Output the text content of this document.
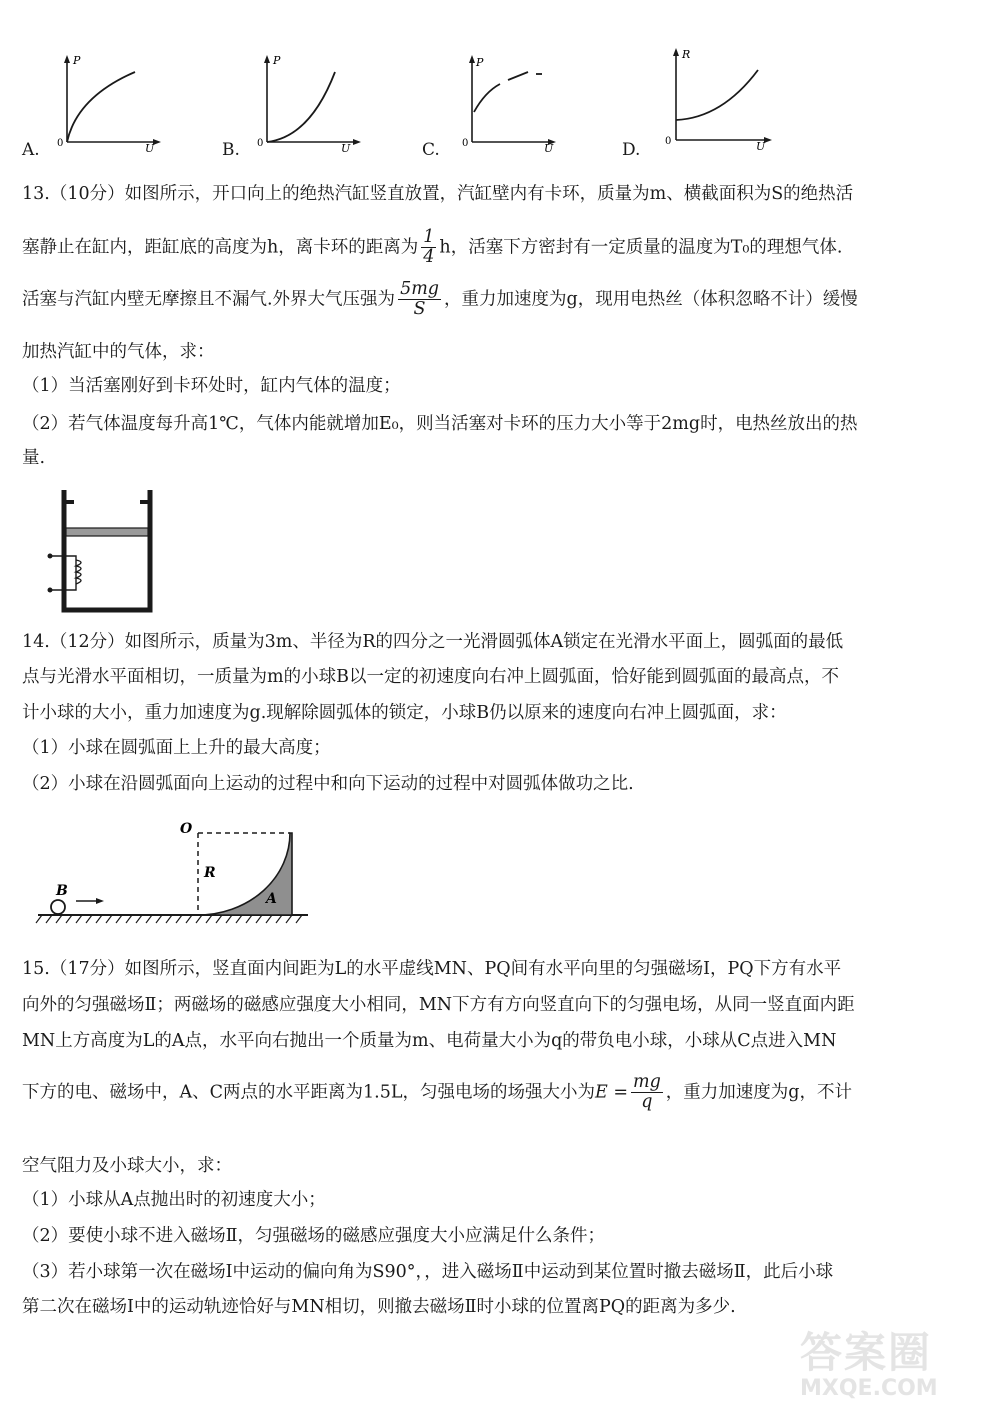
A.
P
U
0	B.
P
U
0	C.
P
U
0	D.
R
U
0
13.（10分）如图所示，开口向上的绝热汽缸竖直放置，汽缸壁内有卡环，质量为m、横截面积为S的绝热活
塞静止在缸内，距缸底的高度为h，离卡环的距离为 $\frac{1}{4}$ h，活塞下方密封有一定质量的温度为T₀的理想气体.
活塞与汽缸内壁无摩擦且不漏气.外界大气压强为 $\frac{5mg}{S}$ ，重力加速度为g，现用电热丝（体积忽略不计）缓慢
加热汽缸中的气体，求：
（1）当活塞刚好到卡环处时，缸内气体的温度；
（2）若气体温度每升高1℃，气体内能就增加E₀，则当活塞对卡环的压力大小等于2mg时，电热丝放出的热
量.
14.（12分）如图所示，质量为3m、半径为R的四分之一光滑圆弧体A锁定在光滑水平面上，圆弧面的最低
点与光滑水平面相切，一质量为m的小球B以一定的初速度向右冲上圆弧面，恰好能到圆弧面的最高点，不
计小球的大小，重力加速度为g.现解除圆弧体的锁定，小球B仍以原来的速度向右冲上圆弧面，求：
（1）小球在圆弧面上上升的最大高度；
（2）小球在沿圆弧面向上运动的过程中和向下运动的过程中对圆弧体做功之比.
O
R
A
B
15.（17分）如图所示，竖直面内间距为L的水平虚线MN、PQ间有水平向里的匀强磁场Ⅰ，PQ下方有水平
向外的匀强磁场Ⅱ；两磁场的磁感应强度大小相同，MN下方有方向竖直向下的匀强电场，从同一竖直面内距
MN上方高度为L的A点，水平向右抛出一个质量为m、电荷量大小为q的带负电小球，小球从C点进入MN
下方的电、磁场中，A、C两点的水平距离为1.5L，匀强电场的场强大小为$E = \frac{mg}{q}$ ，重力加速度为g，不计
空气阻力及小球大小，求：
（1）小球从A点抛出时的初速度大小；
（2）要使小球不进入磁场Ⅱ，匀强磁场的磁感应强度大小应满足什么条件；
（3）若小球第一次在磁场Ⅰ中运动的偏向角为S90°，，进入磁场Ⅱ中运动到某位置时撤去磁场Ⅱ，此后小球
第二次在磁场Ⅰ中的运动轨迹恰好与MN相切，则撤去磁场Ⅱ时小球的位置离PQ的距离为多少.
答案圈
MXQE.COM
